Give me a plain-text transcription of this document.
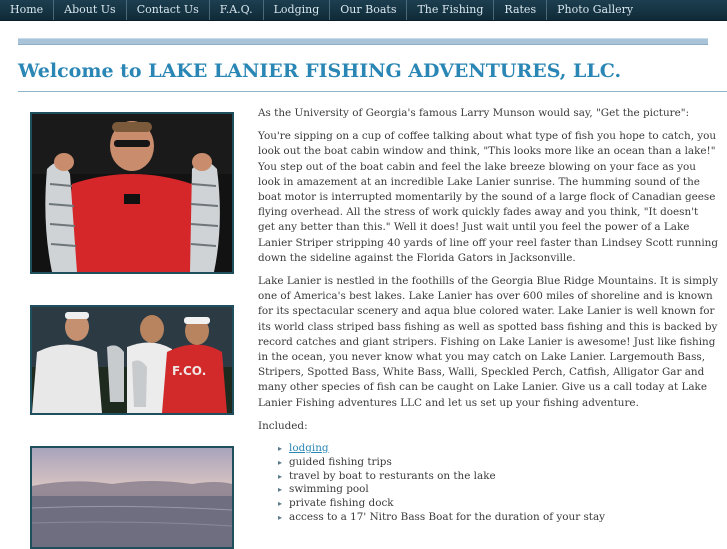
Home	About Us	Contact Us	F.A.Q.	Lodging	Our Boats	The Fishing	Rates	Photo Gallery
Welcome to LAKE LANIER FISHING ADVENTURES, LLC.
F.CO.

As the University of Georgia's famous Larry Munson would say, "Get the picture":

You're sipping on a cup of coffee talking about what type of fish you hope to catch, you look out the boat cabin window and think, "This looks more like an ocean than a lake!" You step out of the boat cabin and feel the lake breeze blowing on your face as you look in amazement at an incredible Lake Lanier sunrise. The humming sound of the boat motor is interrupted momentarily by the sound of a large flock of Canadian geese flying overhead. All the stress of work quickly fades away and you think, "It doesn't get any better than this." Well it does! Just wait until you feel the power of a Lake Lanier Striper stripping 40 yards of line off your reel faster than Lindsey Scott running down the sideline against the Florida Gators in Jacksonville.

Lake Lanier is nestled in the foothills of the Georgia Blue Ridge Mountains. It is simply one of America's best lakes. Lake Lanier has over 600 miles of shoreline and is known for its spectacular scenery and aqua blue colored water. Lake Lanier is well known for its world class striped bass fishing as well as spotted bass fishing and this is backed by record catches and giant stripers. Fishing on Lake Lanier is awesome! Just like fishing in the ocean, you never know what you may catch on Lake Lanier. Largemouth Bass, Stripers, Spotted Bass, White Bass, Walli, Speckled Perch, Catfish, Alligator Gar and many other species of fish can be caught on Lake Lanier. Give us a call today at Lake Lanier Fishing adventures LLC and let us set up your fishing adventure.

Included:

▸ lodging
▸ guided fishing trips
▸ travel by boat to resturants on the lake
▸ swimming pool
▸ private fishing dock
▸ access to a 17' Nitro Bass Boat for the duration of your stay
